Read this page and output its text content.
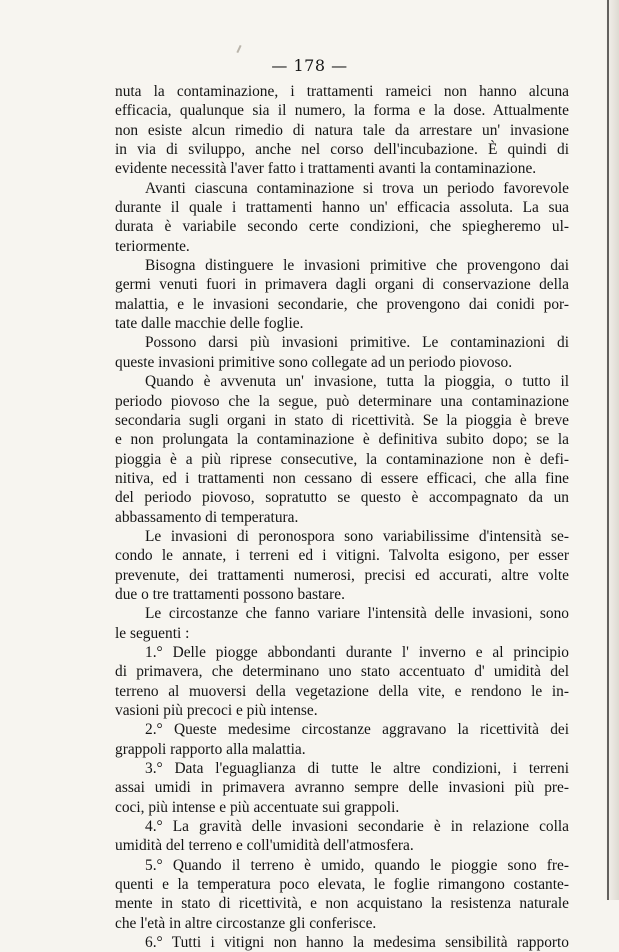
— 178 —
nuta la contaminazione, i trattamenti rameici non hanno alcuna
efficacia, qualunque sia il numero, la forma e la dose. Attualmente
non esiste alcun rimedio di natura tale da arrestare un' invasione
in via di sviluppo, anche nel corso dell'incubazione. È quindi di
evidente necessità l'aver fatto i trattamenti avanti la contaminazione.
Avanti ciascuna contaminazione si trova un periodo favorevole
durante il quale i trattamenti hanno un' efficacia assoluta. La sua
durata è variabile secondo certe condizioni, che spiegheremo ul-
teriormente.
Bisogna distinguere le invasioni primitive che provengono dai
germi venuti fuori in primavera dagli organi di conservazione della
malattia, e le invasioni secondarie, che provengono dai conidi por-
tate dalle macchie delle foglie.
Possono darsi più invasioni primitive. Le contaminazioni di
queste invasioni primitive sono collegate ad un periodo piovoso.
Quando è avvenuta un' invasione, tutta la pioggia, o tutto il
periodo piovoso che la segue, può determinare una contaminazione
secondaria sugli organi in stato di ricettività. Se la pioggia è breve
e non prolungata la contaminazione è definitiva subito dopo; se la
pioggia è a più riprese consecutive, la contaminazione non è defi-
nitiva, ed i trattamenti non cessano di essere efficaci, che alla fine
del periodo piovoso, sopratutto se questo è accompagnato da un
abbassamento di temperatura.
Le invasioni di peronospora sono variabilissime d'intensità se-
condo le annate, i terreni ed i vitigni. Talvolta esigono, per esser
prevenute, dei trattamenti numerosi, precisi ed accurati, altre volte
due o tre trattamenti possono bastare.
Le circostanze che fanno variare l'intensità delle invasioni, sono
le seguenti :
1.° Delle piogge abbondanti durante l' inverno e al principio
di primavera, che determinano uno stato accentuato d' umidità del
terreno al muoversi della vegetazione della vite, e rendono le in-
vasioni più precoci e più intense.
2.° Queste medesime circostanze aggravano la ricettività dei
grappoli rapporto alla malattia.
3.° Data l'eguaglianza di tutte le altre condizioni, i terreni
assai umidi in primavera avranno sempre delle invasioni più pre-
coci, più intense e più accentuate sui grappoli.
4.° La gravità delle invasioni secondarie è in relazione colla
umidità del terreno e coll'umidità dell'atmosfera.
5.° Quando il terreno è umido, quando le pioggie sono fre-
quenti e la temperatura poco elevata, le foglie rimangono costante-
mente in stato di ricettività, e non acquistano la resistenza naturale
che l'età in altre circostanze gli conferisce.
6.° Tutti i vitigni non hanno la medesima sensibilità rapporto
